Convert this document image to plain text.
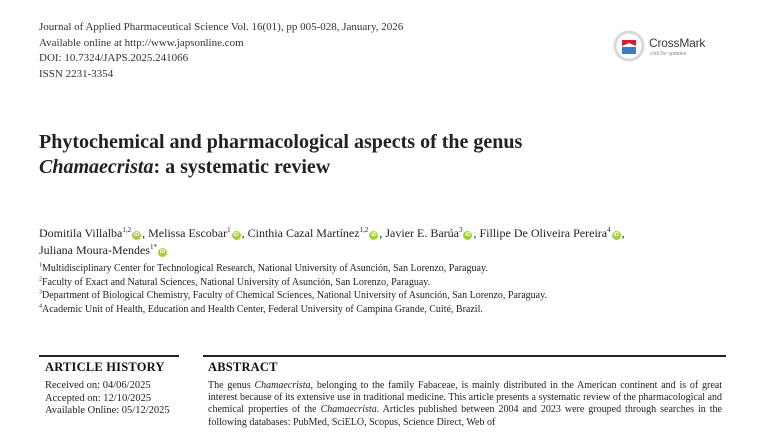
Journal of Applied Pharmaceutical Science Vol. 16(01), pp 005-028, January, 2026
Available online at http://www.japsonline.com
DOI: 10.7324/JAPS.2025.241066
ISSN 2231-3354
CrossMark
click for updates
Phytochemical and pharmacological aspects of the genus
Chamaecrista: a systematic review
Domitila Villalba$^{1,2}$iD , Melissa Escobar$^1$iD , Cinthia Cazal Martínez$^{1,2}$iD , Javier E. Barúa$^3$iD , Fillipe De Oliveira Pereira$^4$iD ,
Juliana Moura-Mendes$^{1*}$iD
$^1$Multidisciplinary Center for Technological Research, National University of Asunción, San Lorenzo, Paraguay.
$^2$Faculty of Exact and Natural Sciences, National University of Asunción, San Lorenzo, Paraguay.
$^3$Department of Biological Chemistry, Faculty of Chemical Sciences, National University of Asunción, San Lorenzo, Paraguay.
$^4$Academic Unit of Health, Education and Health Center, Federal University of Campina Grande, Cuité, Brazil.
ARTICLE HISTORY	ABSTRACT
Received on: 04/06/2025
Accepted on: 12/10/2025
Available Online: 05/12/2025

The genus Chamaecrista, belonging to the family Fabaceae, is mainly distributed in the American continent and is of great interest because of its extensive use in traditional medicine. This article presents a systematic review of the pharmacological and chemical properties of the Chamaecrista. Articles published between 2004 and 2023 were grouped through searches in the following databases: PubMed, SciELO, Scopus, Science Direct, Web of
